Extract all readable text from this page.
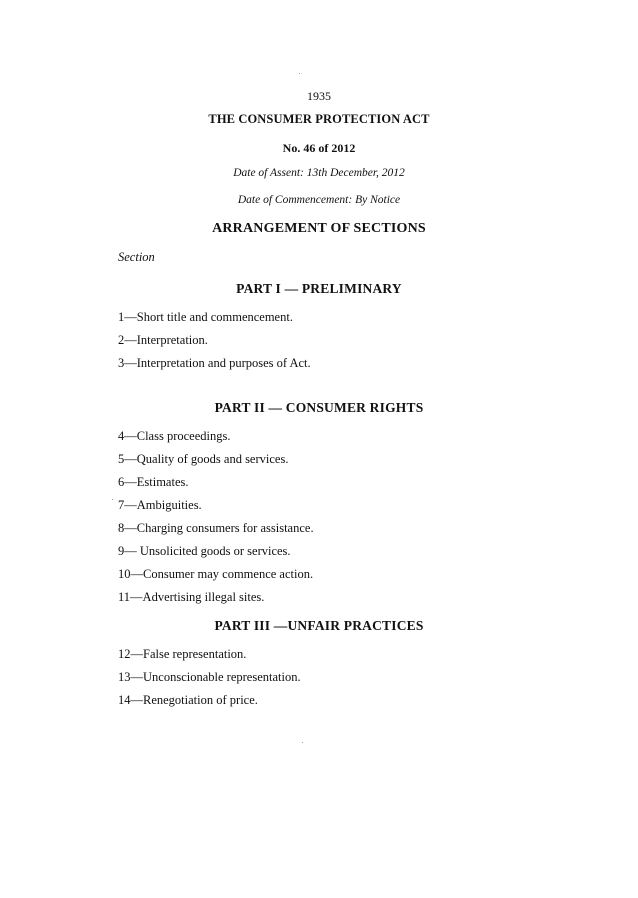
1935
THE CONSUMER PROTECTION ACT
No. 46 of 2012
Date of Assent: 13th December, 2012
Date of Commencement: By Notice
ARRANGEMENT OF SECTIONS
Section
PART I — PRELIMINARY
1—Short title and commencement.
2—Interpretation.
3—Interpretation and purposes of Act.
PART II — CONSUMER RIGHTS
4—Class proceedings.
5—Quality of goods and services.
6—Estimates.
7—Ambiguities.
8—Charging consumers for assistance.
9— Unsolicited goods or services.
10—Consumer may commence action.
11—Advertising illegal sites.
PART III —UNFAIR PRACTICES
12—False representation.
13—Unconscionable representation.
14—Renegotiation of price.
